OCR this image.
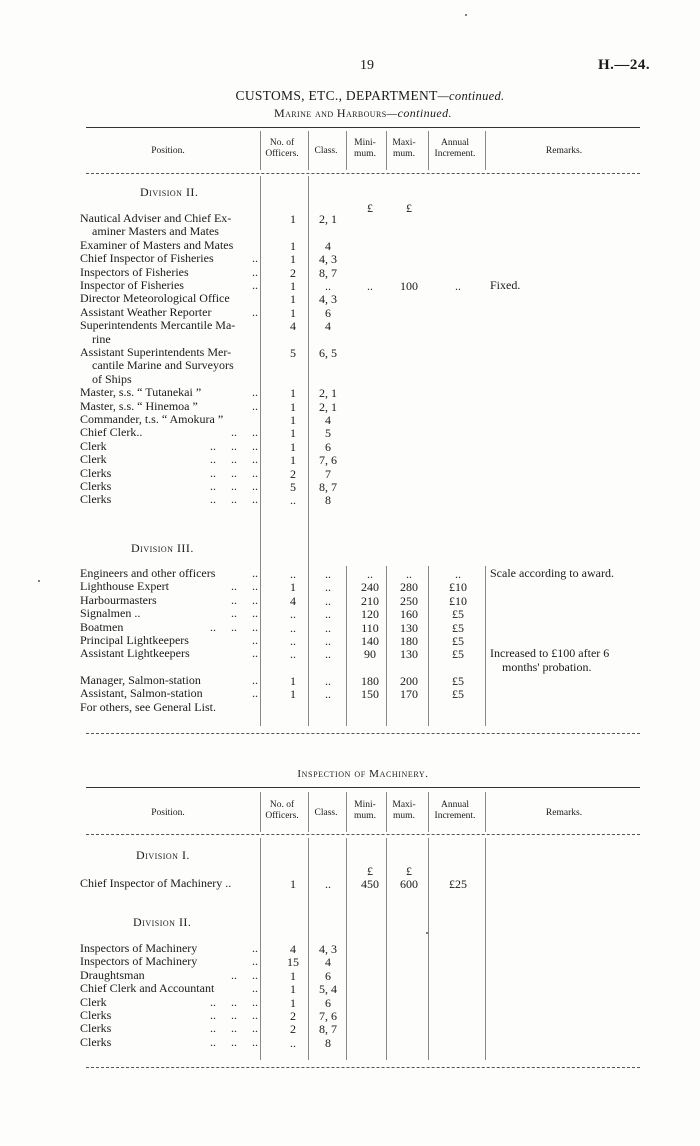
19	H.—24.
CUSTOMS, ETC., DEPARTMENT—continued.
Marine and Harbours—continued.
Position.
No. of
Officers.	Class.
Mini-
mum.
Maxi-
mum.
Annual
Increment.	Remarks.
Division II.
£	£
Nautical Adviser and Chief Ex-
aminer Masters and Mates
1	2, 1
Examiner of Masters and Mates	1	4
Chief Inspector of Fisheries	..	1	4, 3
Inspectors of Fisheries	..	2	8, 7
Inspector of Fisheries	..	1	..	..	100	..	Fixed.
Director Meteorological Office	1	4, 3
Assistant Weather Reporter	..	1	6
Superintendents Mercantile Ma-
rine
4	4
Assistant Superintendents Mer-
cantile Marine and Surveyors
of Ships
5	6, 5
Master, s.s. “ Tutanekai ”	..	1	2, 1
Master, s.s. “ Hinemoa ”	..	1	2, 1
Commander, t.s. “ Amokura ”	1	4
Chief Clerk..	..     ..	1	5
Clerk	..     ..     ..	1	6
Clerk	..     ..     ..	1	7, 6
Clerks	..     ..     ..	2	7
Clerks	..     ..     ..	5	8, 7
Clerks	..     ..     ..	..	8
Division III.
Engineers and other officers	..	..	..	..	..	..	Scale according to award.
Lighthouse Expert	..     ..	1	..	240	280	£10
Harbourmasters	..     ..	4	..	210	250	£10
Signalmen ..	..     ..	..	..	120	160	£5
Boatmen	..     ..     ..	..	..	110	130	£5
Principal Lightkeepers	..	..	..	140	180	£5
Assistant Lightkeepers	..	..	..	90	130	£5	Increased to £100 after 6
months' probation.
Manager, Salmon-station	..	1	..	180	200	£5
Assistant, Salmon-station	..	1	..	150	170	£5
For others, see General List.
Inspection of Machinery.
Position.
No. of
Officers.	Class.
Mini-
mum.
Maxi-
mum.
Annual
Increment.	Remarks.
Division I.
£	£
Chief Inspector of Machinery ..	1	..	450	600	£25
Division II.
Inspectors of Machinery	..	4	4, 3
Inspectors of Machinery	..	15	4
Draughtsman	..     ..	1	6
Chief Clerk and Accountant	..	1	5, 4
Clerk	..     ..     ..	1	6
Clerks	..     ..     ..	2	7, 6
Clerks	..     ..     ..	2	8, 7
Clerks	..     ..     ..	..	8
